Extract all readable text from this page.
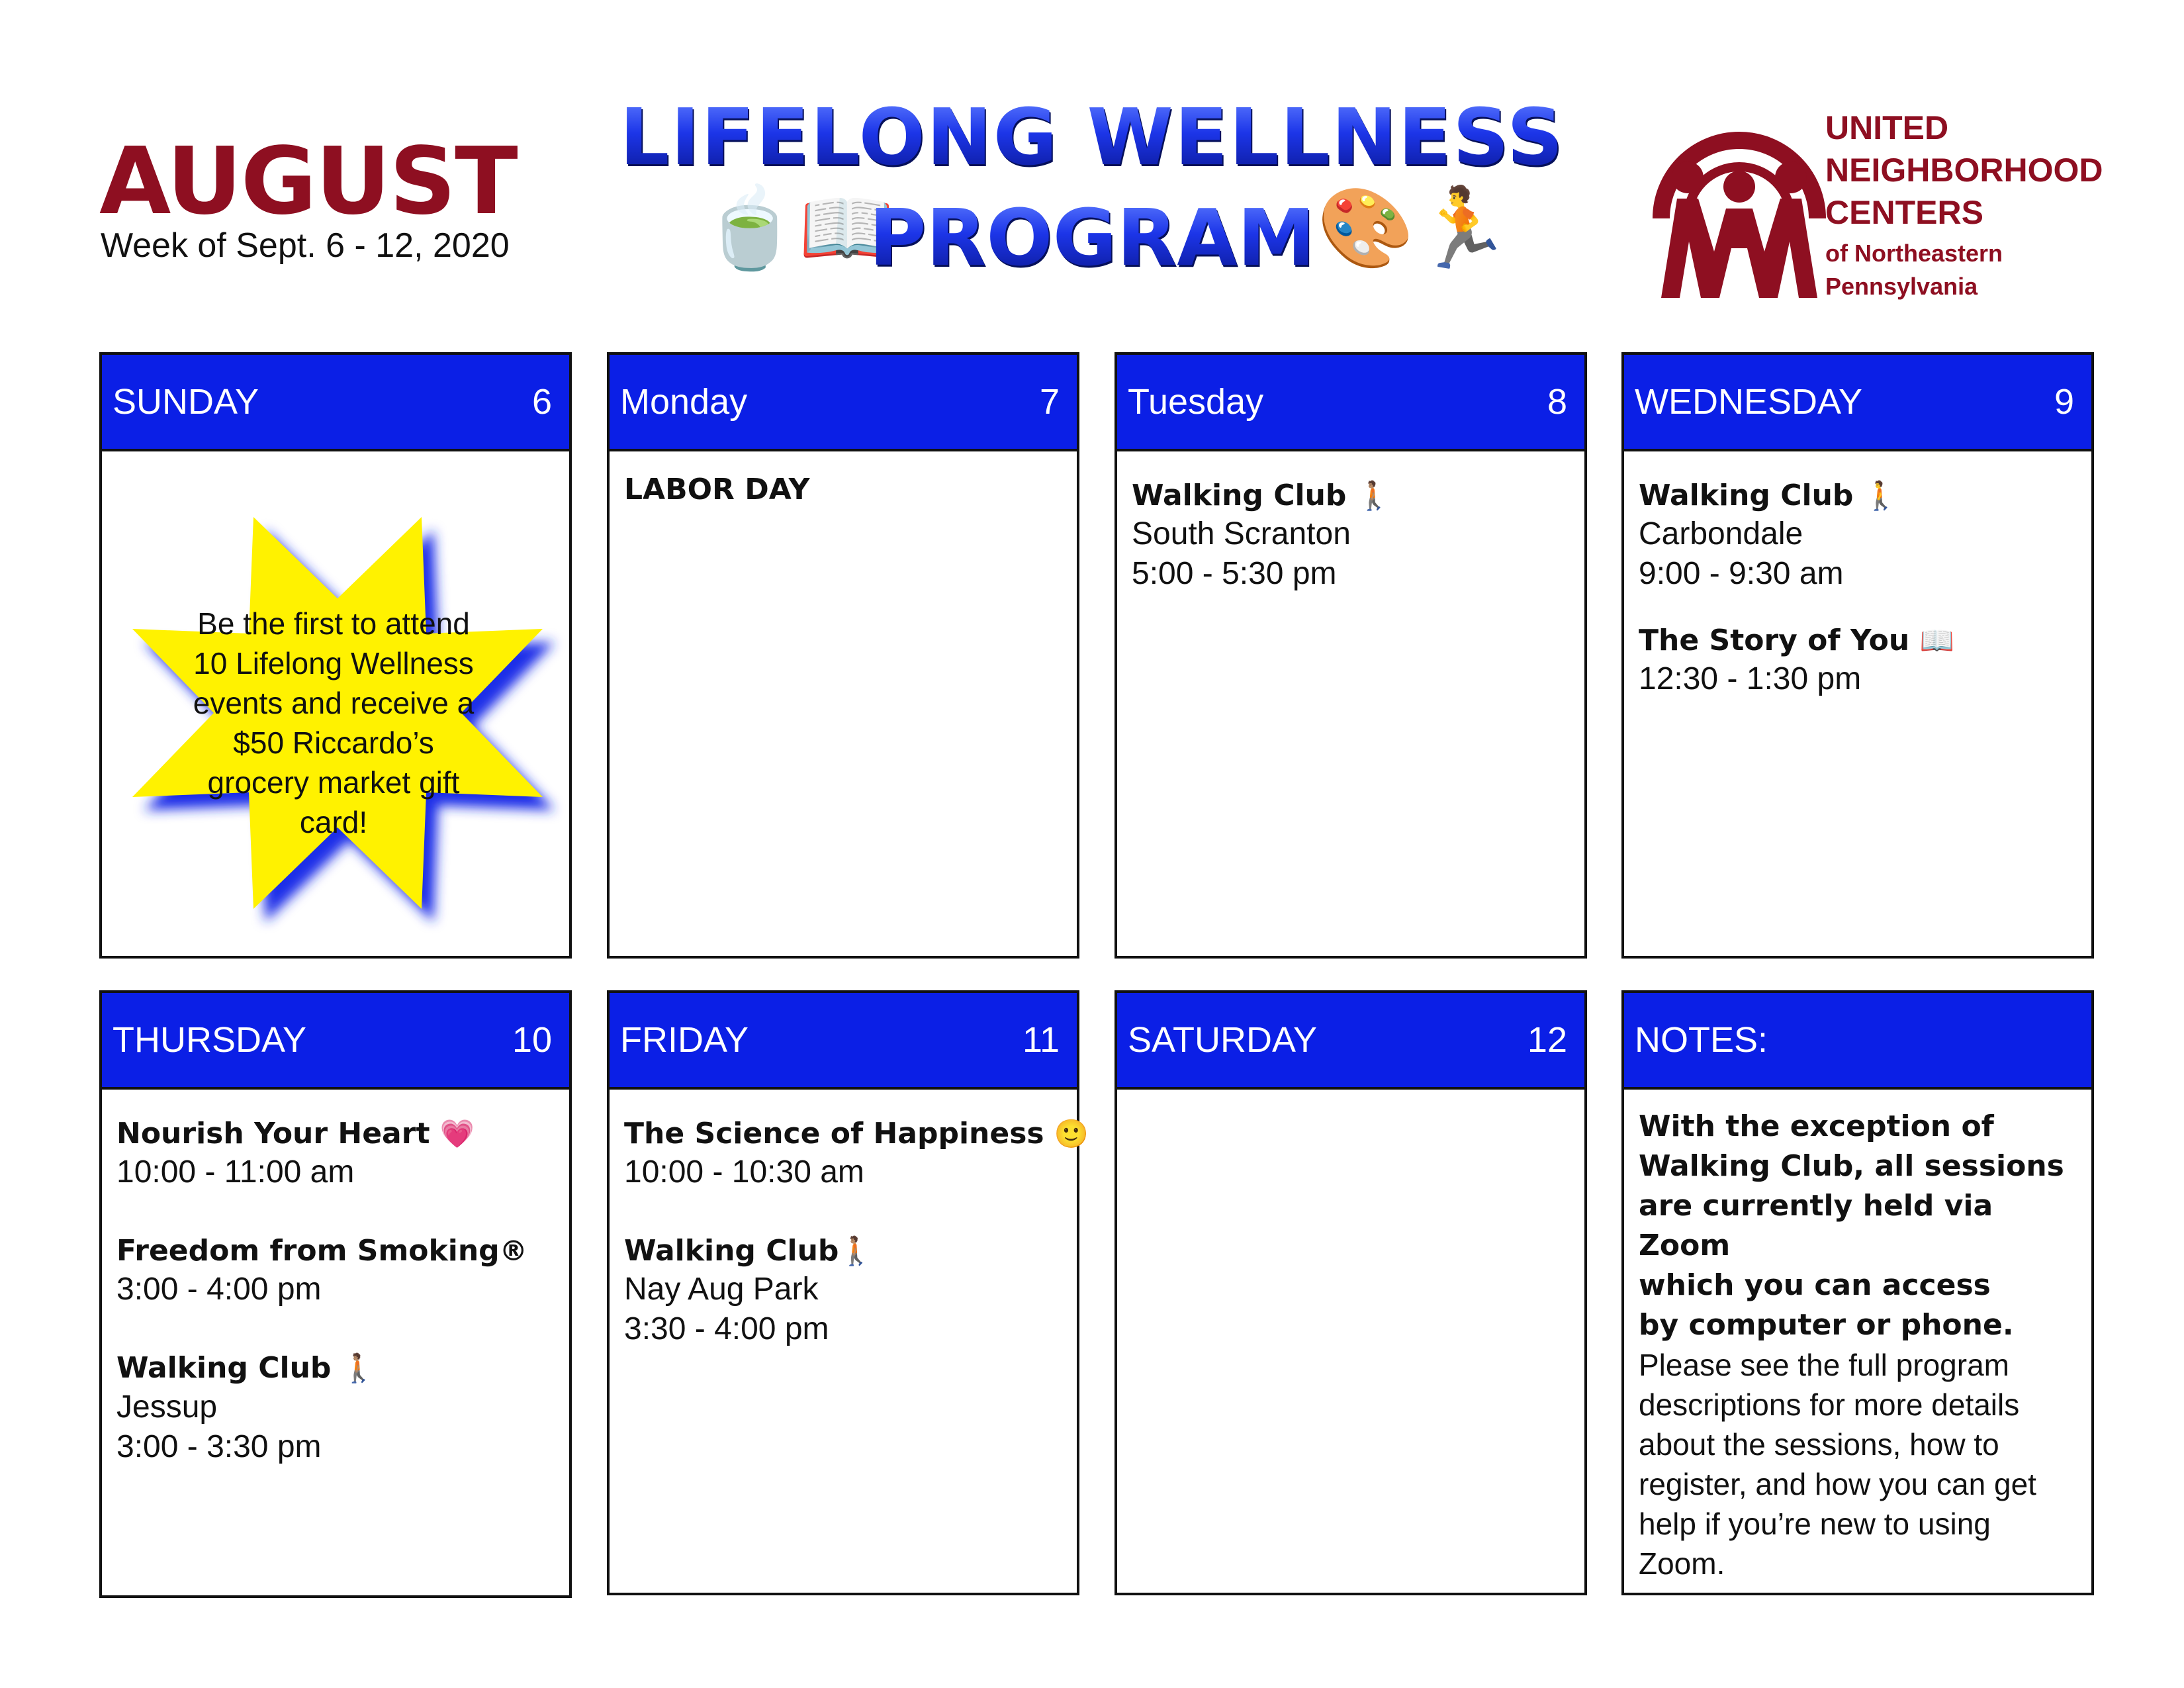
AUGUST
Week of Sept. 6 - 12, 2020
LIFELONG WELLNESS
PROGRAM 🎨🏃
UNITED
NEIGHBORHOOD
CENTERS
of Northeastern
Pennsylvania
SUNDAY	6
Be the first to attend 10 Lifelong Wellness events and receive a $50 Riccardo’s grocery market gift card!
Monday	7
LABOR DAY
Tuesday	8
Walking Club 🚶🏽
South Scranton
5:00 - 5:30 pm
WEDNESDAY	9
Walking Club 🚶
Carbondale
9:00 - 9:30 am
The Story of You 📖
12:30 - 1:30 pm
THURSDAY	10
Nourish Your Heart 💗
10:00 - 11:00 am
Freedom from Smoking®
3:00 - 4:00 pm
Walking Club 🚶🏽
Jessup
3:00 - 3:30 pm
FRIDAY	11
The Science of Happiness 🙂
10:00 - 10:30 am
Walking Club🚶🏽
Nay Aug Park
3:30 - 4:00 pm
SATURDAY	12 NOTES:
With the exception of
Walking Club, all sessions
are currently held via Zoom
which you can access
by computer or phone.
Please see the full program
descriptions for more details
about the sessions, how to
register, and how you can get
help if you’re new to using
Zoom.
